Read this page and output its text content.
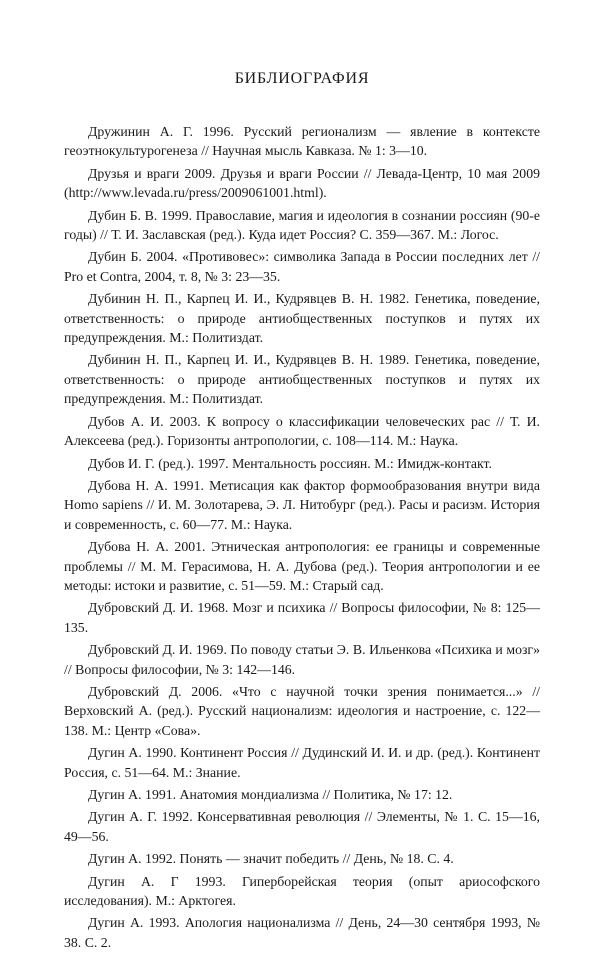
БИБЛИОГРАФИЯ
Дружинин А. Г. 1996. Русский регионализм — явление в контексте геоэтнокультурогенеза // Научная мысль Кавказа. № 1: 3—10.
Друзья и враги 2009. Друзья и враги России // Левада-Центр, 10 мая 2009 (http://www.levada.ru/press/2009061001.html).
Дубин Б. В. 1999. Православие, магия и идеология в сознании россиян (90-е годы) // Т. И. Заславская (ред.). Куда идет Россия? С. 359—367. М.: Логос.
Дубин Б. 2004. «Противовес»: символика Запада в России последних лет // Pro et Contra, 2004, т. 8, № 3: 23—35.
Дубинин Н. П., Карпец И. И., Кудрявцев В. Н. 1982. Генетика, поведение, ответственность: о природе антиобщественных поступков и путях их предупреждения. М.: Политиздат.
Дубинин Н. П., Карпец И. И., Кудрявцев В. Н. 1989. Генетика, поведение, ответственность: о природе антиобщественных поступков и путях их предупреждения. М.: Политиздат.
Дубов А. И. 2003. К вопросу о классификации человеческих рас // Т. И. Алексеева (ред.). Горизонты антропологии, с. 108—114. М.: Наука.
Дубов И. Г. (ред.). 1997. Ментальность россиян. М.: Имидж-контакт.
Дубова Н. А. 1991. Метисация как фактор формообразования внутри вида Homo sapiens // И. М. Золотарева, Э. Л. Нитобург (ред.). Расы и расизм. История и современность, с. 60—77. М.: Наука.
Дубова Н. А. 2001. Этническая антропология: ее границы и современные проблемы // М. М. Герасимова, Н. А. Дубова (ред.). Теория антропологии и ее методы: истоки и развитие, с. 51—59. М.: Старый сад.
Дубровский Д. И. 1968. Мозг и психика // Вопросы философии, № 8: 125—135.
Дубровский Д. И. 1969. По поводу статьи Э. В. Ильенкова «Психика и мозг» // Вопросы философии, № 3: 142—146.
Дубровский Д. 2006. «Что с научной точки зрения понимается...» // Верховский А. (ред.). Русский национализм: идеология и настроение, с. 122—138. М.: Центр «Сова».
Дугин А. 1990. Континент Россия // Дудинский И. И. и др. (ред.). Континент Россия, с. 51—64. М.: Знание.
Дугин А. 1991. Анатомия мондиализма // Политика, № 17: 12.
Дугин А. Г. 1992. Консервативная революция // Элементы, № 1. С. 15—16, 49—56.
Дугин А. 1992. Понять — значит победить // День, № 18. С. 4.
Дугин А. Г 1993. Гиперборейская теория (опыт ариософского исследования). М.: Арктогея.
Дугин А. 1993. Апология национализма // День, 24—30 сентября 1993, № 38. С. 2.
